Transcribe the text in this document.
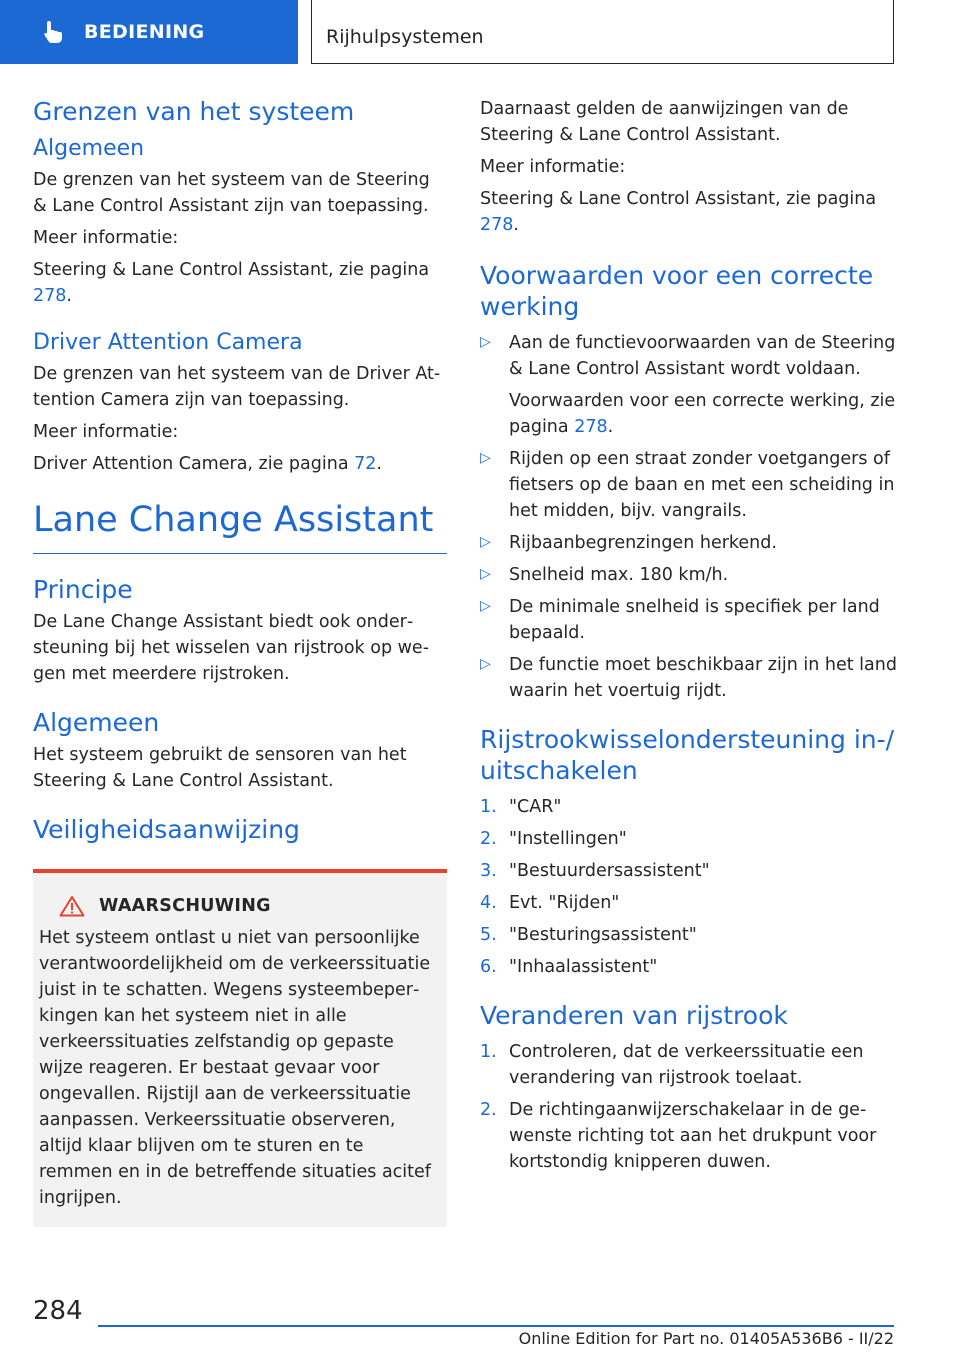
BEDIENING	Rijhulpsystemen
Grenzen van het systeem
Algemeen

De grenzen van het systeem van de Steering & Lane Control Assistant zijn van toepassing.

Meer informatie:

Steering & Lane Control Assistant, zie pagina 278.

Driver Attention Camera

De grenzen van het systeem van de Driver Attention Camera zijn van toepassing.

Meer informatie:

Driver Attention Camera, zie pagina 72.

Lane Change Assistant
Principe

De Lane Change Assistant biedt ook ondersteuning bij het wisselen van rijstrook op wegen met meerdere rijstroken.

Algemeen

Het systeem gebruikt de sensoren van het Steering & Lane Control Assistant.

Veiligheidsaanwijzing
WAARSCHUWING

Het systeem ontlast u niet van persoonlijke verantwoordelijkheid om de verkeerssituatie juist in te schatten. Wegens systeembeperkingen kan het systeem niet in alle verkeerssituaties zelfstandig op gepaste wijze reageren. Er bestaat gevaar voor ongevallen. Rijstijl aan de verkeerssituatie aanpassen. Verkeerssituatie observeren, altijd klaar blijven om te sturen en te remmen en in de betreffende situaties acitef ingrijpen.

Daarnaast gelden de aanwijzingen van de Steering & Lane Control Assistant.

Meer informatie:

Steering & Lane Control Assistant, zie pagina 278.

Voorwaarden voor een correcte werking
▷ Aan de functievoorwaarden van de Steering & Lane Control Assistant wordt voldaan.

Voorwaarden voor een correcte werking, zie pagina 278.

▷ Rijden op een straat zonder voetgangers of fietsers op de baan en met een scheiding in het midden, bijv. vangrails.

▷ Rijbaanbegrenzingen herkend.

▷ Snelheid max. 180 km/h.

▷ De minimale snelheid is specifiek per land bepaald.

▷ De functie moet beschikbaar zijn in het land waarin het voertuig rijdt.

Rijstrookwisselondersteuning in-/ uitschakelen
1. "CAR"

2. "Instellingen"

3. "Bestuurdersassistent"

4. Evt. "Rijden"

5. "Besturingsassistent"

6. "Inhaalassistent"

Veranderen van rijstrook
1. Controleren, dat de verkeerssituatie een verandering van rijstrook toelaat.

2. De richtingaanwijzerschakelaar in de gewenste richting tot aan het drukpunt voor kortstondig knipperen duwen.

284
Online Edition for Part no. 01405A536B6 - II/22
